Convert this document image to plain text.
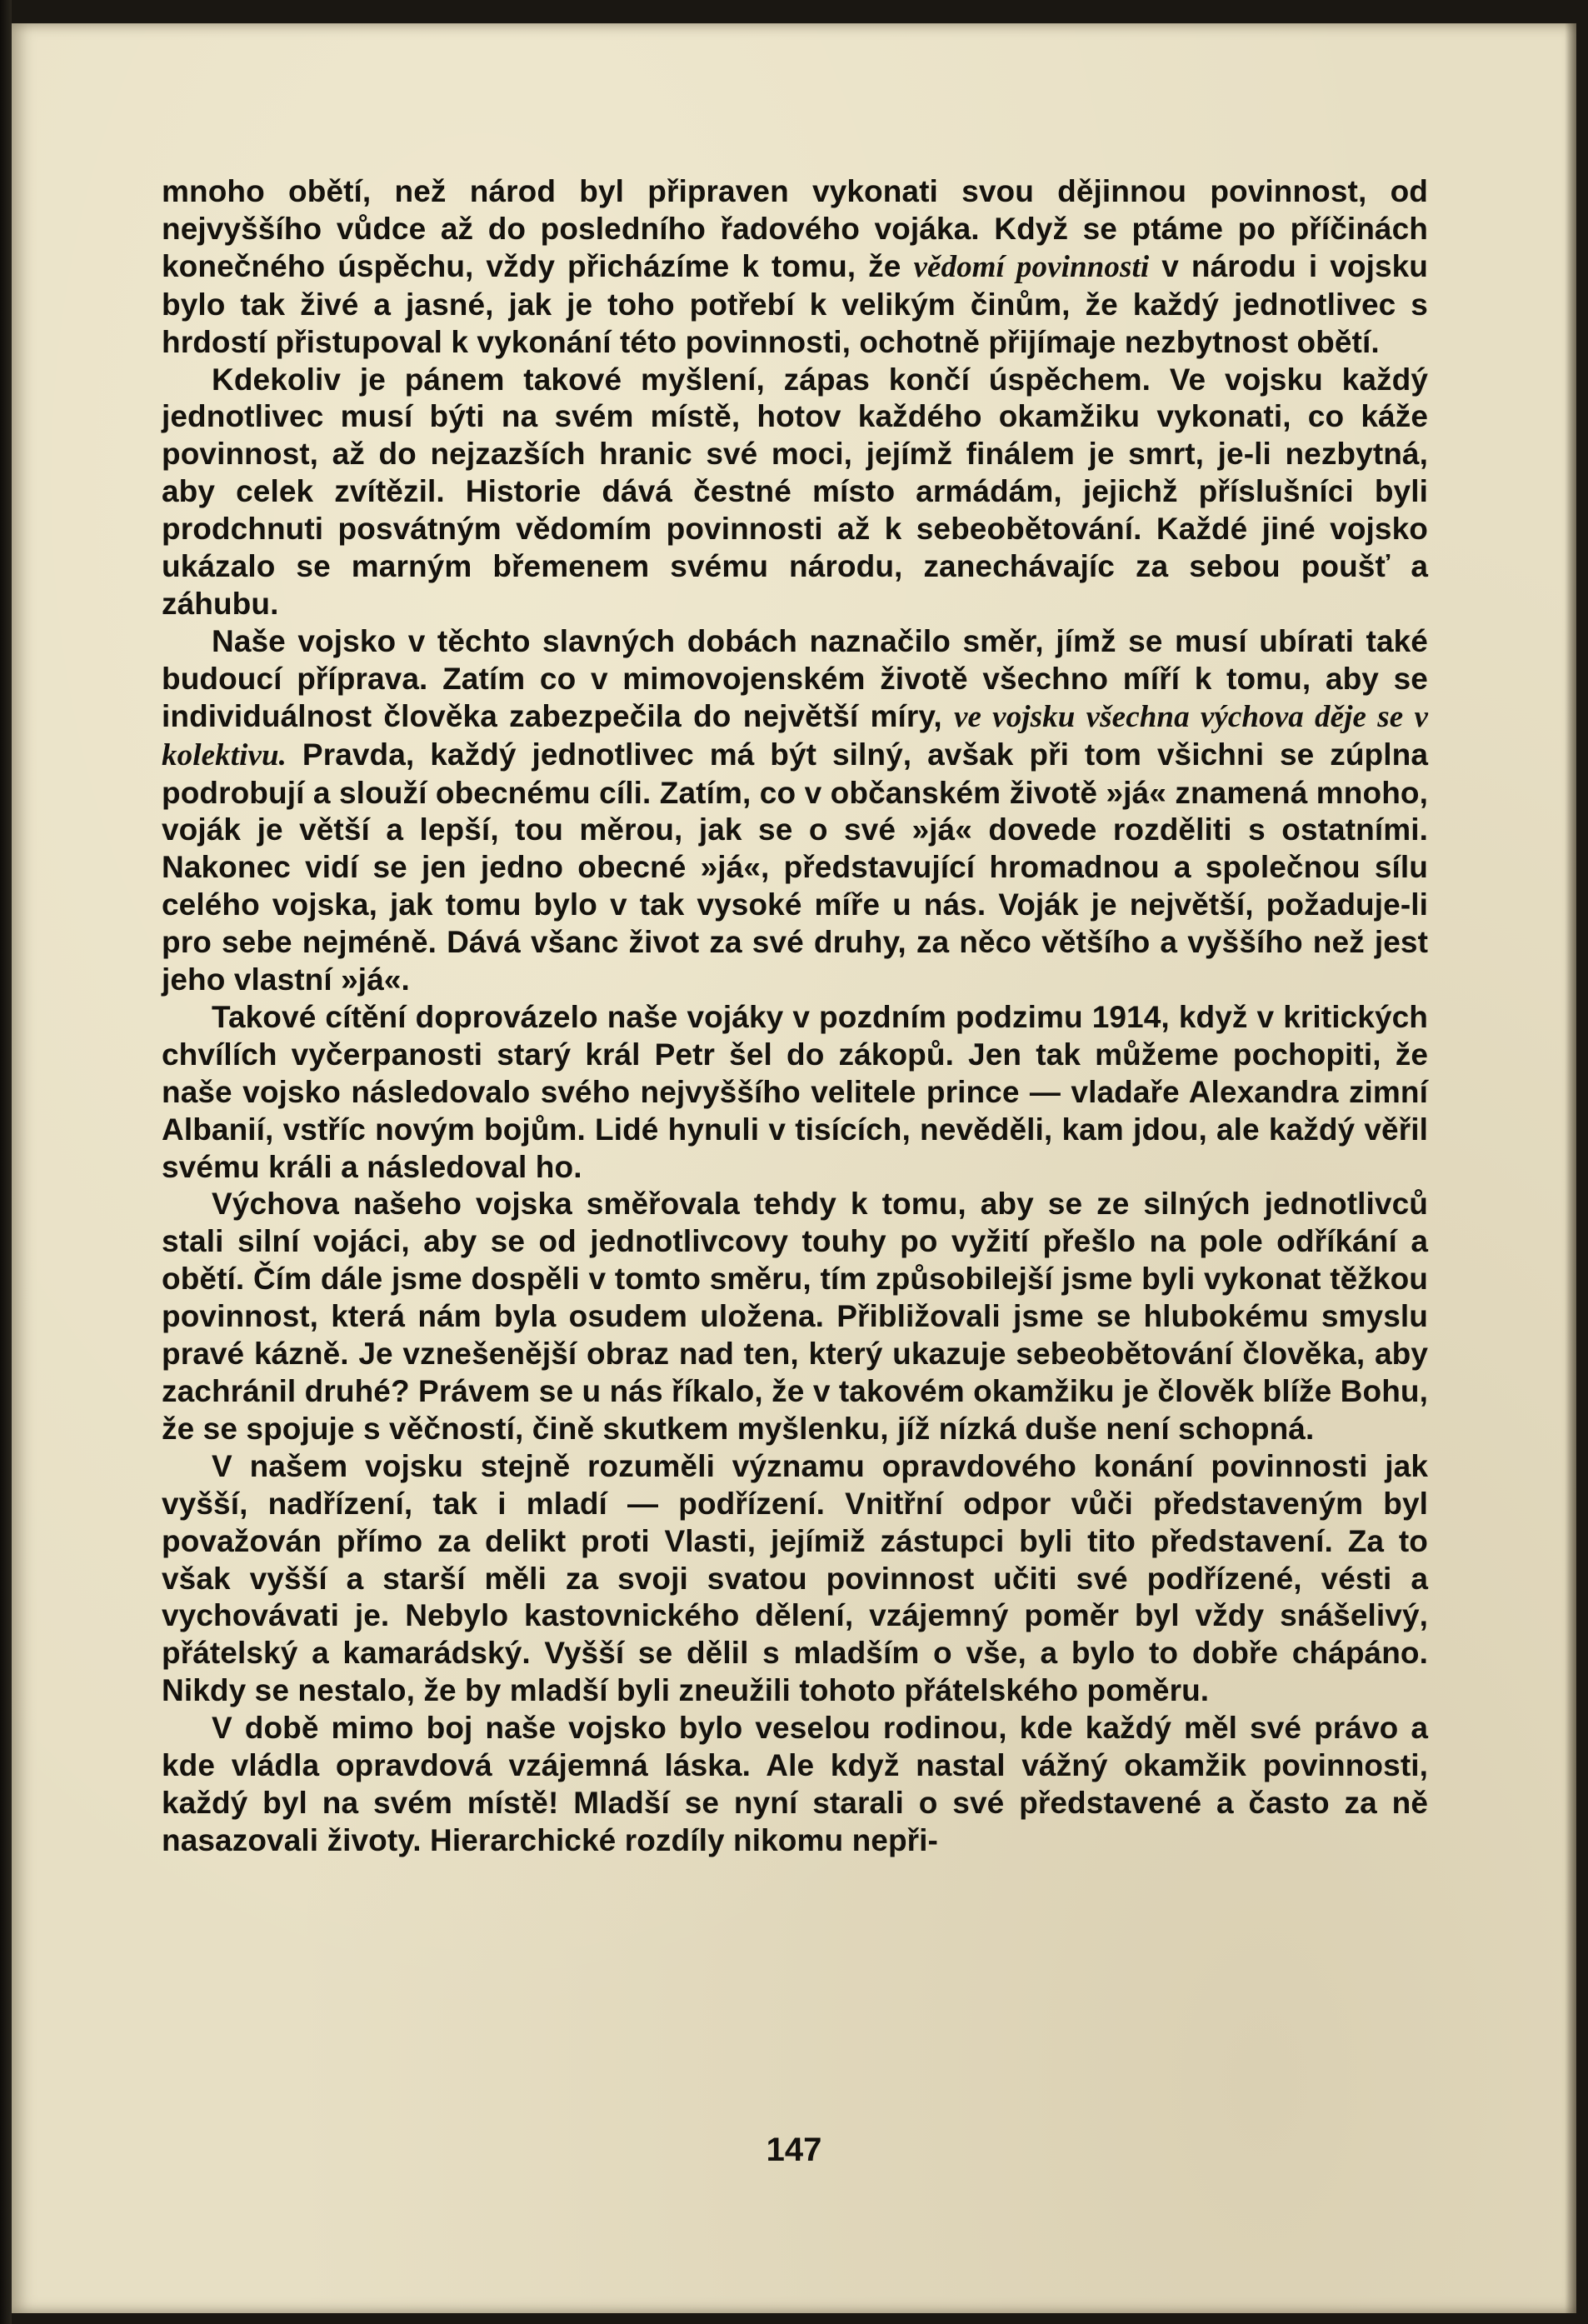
mnoho obětí, než národ byl připraven vykonati svou dějinnou povinnost, od nejvyššího vůdce až do posledního řadového vojáka. Když se ptáme po příčinách konečného úspěchu, vždy přicházíme k tomu, že vědomí povinnosti v národu i vojsku bylo tak živé a jasné, jak je toho potřebí k velikým činům, že každý jednotlivec s hrdostí přistupoval k vykonání této povinnosti, ochotně přijímaje nezbytnost obětí.

Kdekoliv je pánem takové myšlení, zápas končí úspěchem. Ve vojsku každý jednotlivec musí býti na svém místě, hotov každého okamžiku vykonati, co káže povinnost, až do nejzazších hranic své moci, jejímž finálem je smrt, je-li nezbytná, aby celek zvítězil. Historie dává čestné místo armádám, jejichž příslušníci byli prodchnuti posvátným vědomím povinnosti až k sebeobětování. Každé jiné vojsko ukázalo se marným břemenem svému národu, zanechávajíc za sebou poušť a záhubu.

Naše vojsko v těchto slavných dobách naznačilo směr, jímž se musí ubírati také budoucí příprava. Zatím co v mimovojenském životě všechno míří k tomu, aby se individuálnost člověka zabezpečila do největší míry, ve vojsku všechna výchova děje se v kolektivu. Pravda, každý jednotlivec má být silný, avšak při tom všichni se zúplna podrobují a slouží obecnému cíli. Zatím, co v občanském životě »já« znamená mnoho, voják je větší a lepší, tou měrou, jak se o své »já« dovede rozděliti s ostatními. Nakonec vidí se jen jedno obecné »já«, představující hromadnou a společnou sílu celého vojska, jak tomu bylo v tak vysoké míře u nás. Voják je největší, požaduje-li pro sebe nejméně. Dává všanc život za své druhy, za něco většího a vyššího než jest jeho vlastní »já«.

Takové cítění doprovázelo naše vojáky v pozdním podzimu 1914, když v kritických chvílích vyčerpanosti starý král Petr šel do zákopů. Jen tak můžeme pochopiti, že naše vojsko následovalo svého nejvyššího velitele prince — vladaře Alexandra zimní Albanií, vstříc novým bojům. Lidé hynuli v tisících, nevěděli, kam jdou, ale každý věřil svému králi a následoval ho.

Výchova našeho vojska směřovala tehdy k tomu, aby se ze silných jednotlivců stali silní vojáci, aby se od jednotlivcovy touhy po vyžití přešlo na pole odříkání a obětí. Čím dále jsme dospěli v tomto směru, tím způsobilejší jsme byli vykonat těžkou povinnost, která nám byla osudem uložena. Přibližovali jsme se hlubokému smyslu pravé kázně. Je vznešenější obraz nad ten, který ukazuje sebeobětování člověka, aby zachránil druhé? Právem se u nás říkalo, že v takovém okamžiku je člověk blíže Bohu, že se spojuje s věčností, čině skutkem myšlenku, jíž nízká duše není schopná.

V našem vojsku stejně rozuměli významu opravdového konání povinnosti jak vyšší, nadřízení, tak i mladí — podřízení. Vnitřní odpor vůči představeným byl považován přímo za delikt proti Vlasti, jejímiž zástupci byli tito představení. Za to však vyšší a starší měli za svoji svatou povinnost učiti své podřízené, vésti a vychovávati je. Nebylo kastovnického dělení, vzájemný poměr byl vždy snášelivý, přátelský a kamarádský. Vyšší se dělil s mladším o vše, a bylo to dobře chápáno. Nikdy se nestalo, že by mladší byli zneužili tohoto přátelského poměru.

V době mimo boj naše vojsko bylo veselou rodinou, kde každý měl své právo a kde vládla opravdová vzájemná láska. Ale když nastal vážný okamžik povinnosti, každý byl na svém místě! Mladší se nyní starali o své představené a často za ně nasazovali životy. Hierarchické rozdíly nikomu nepři-

147
